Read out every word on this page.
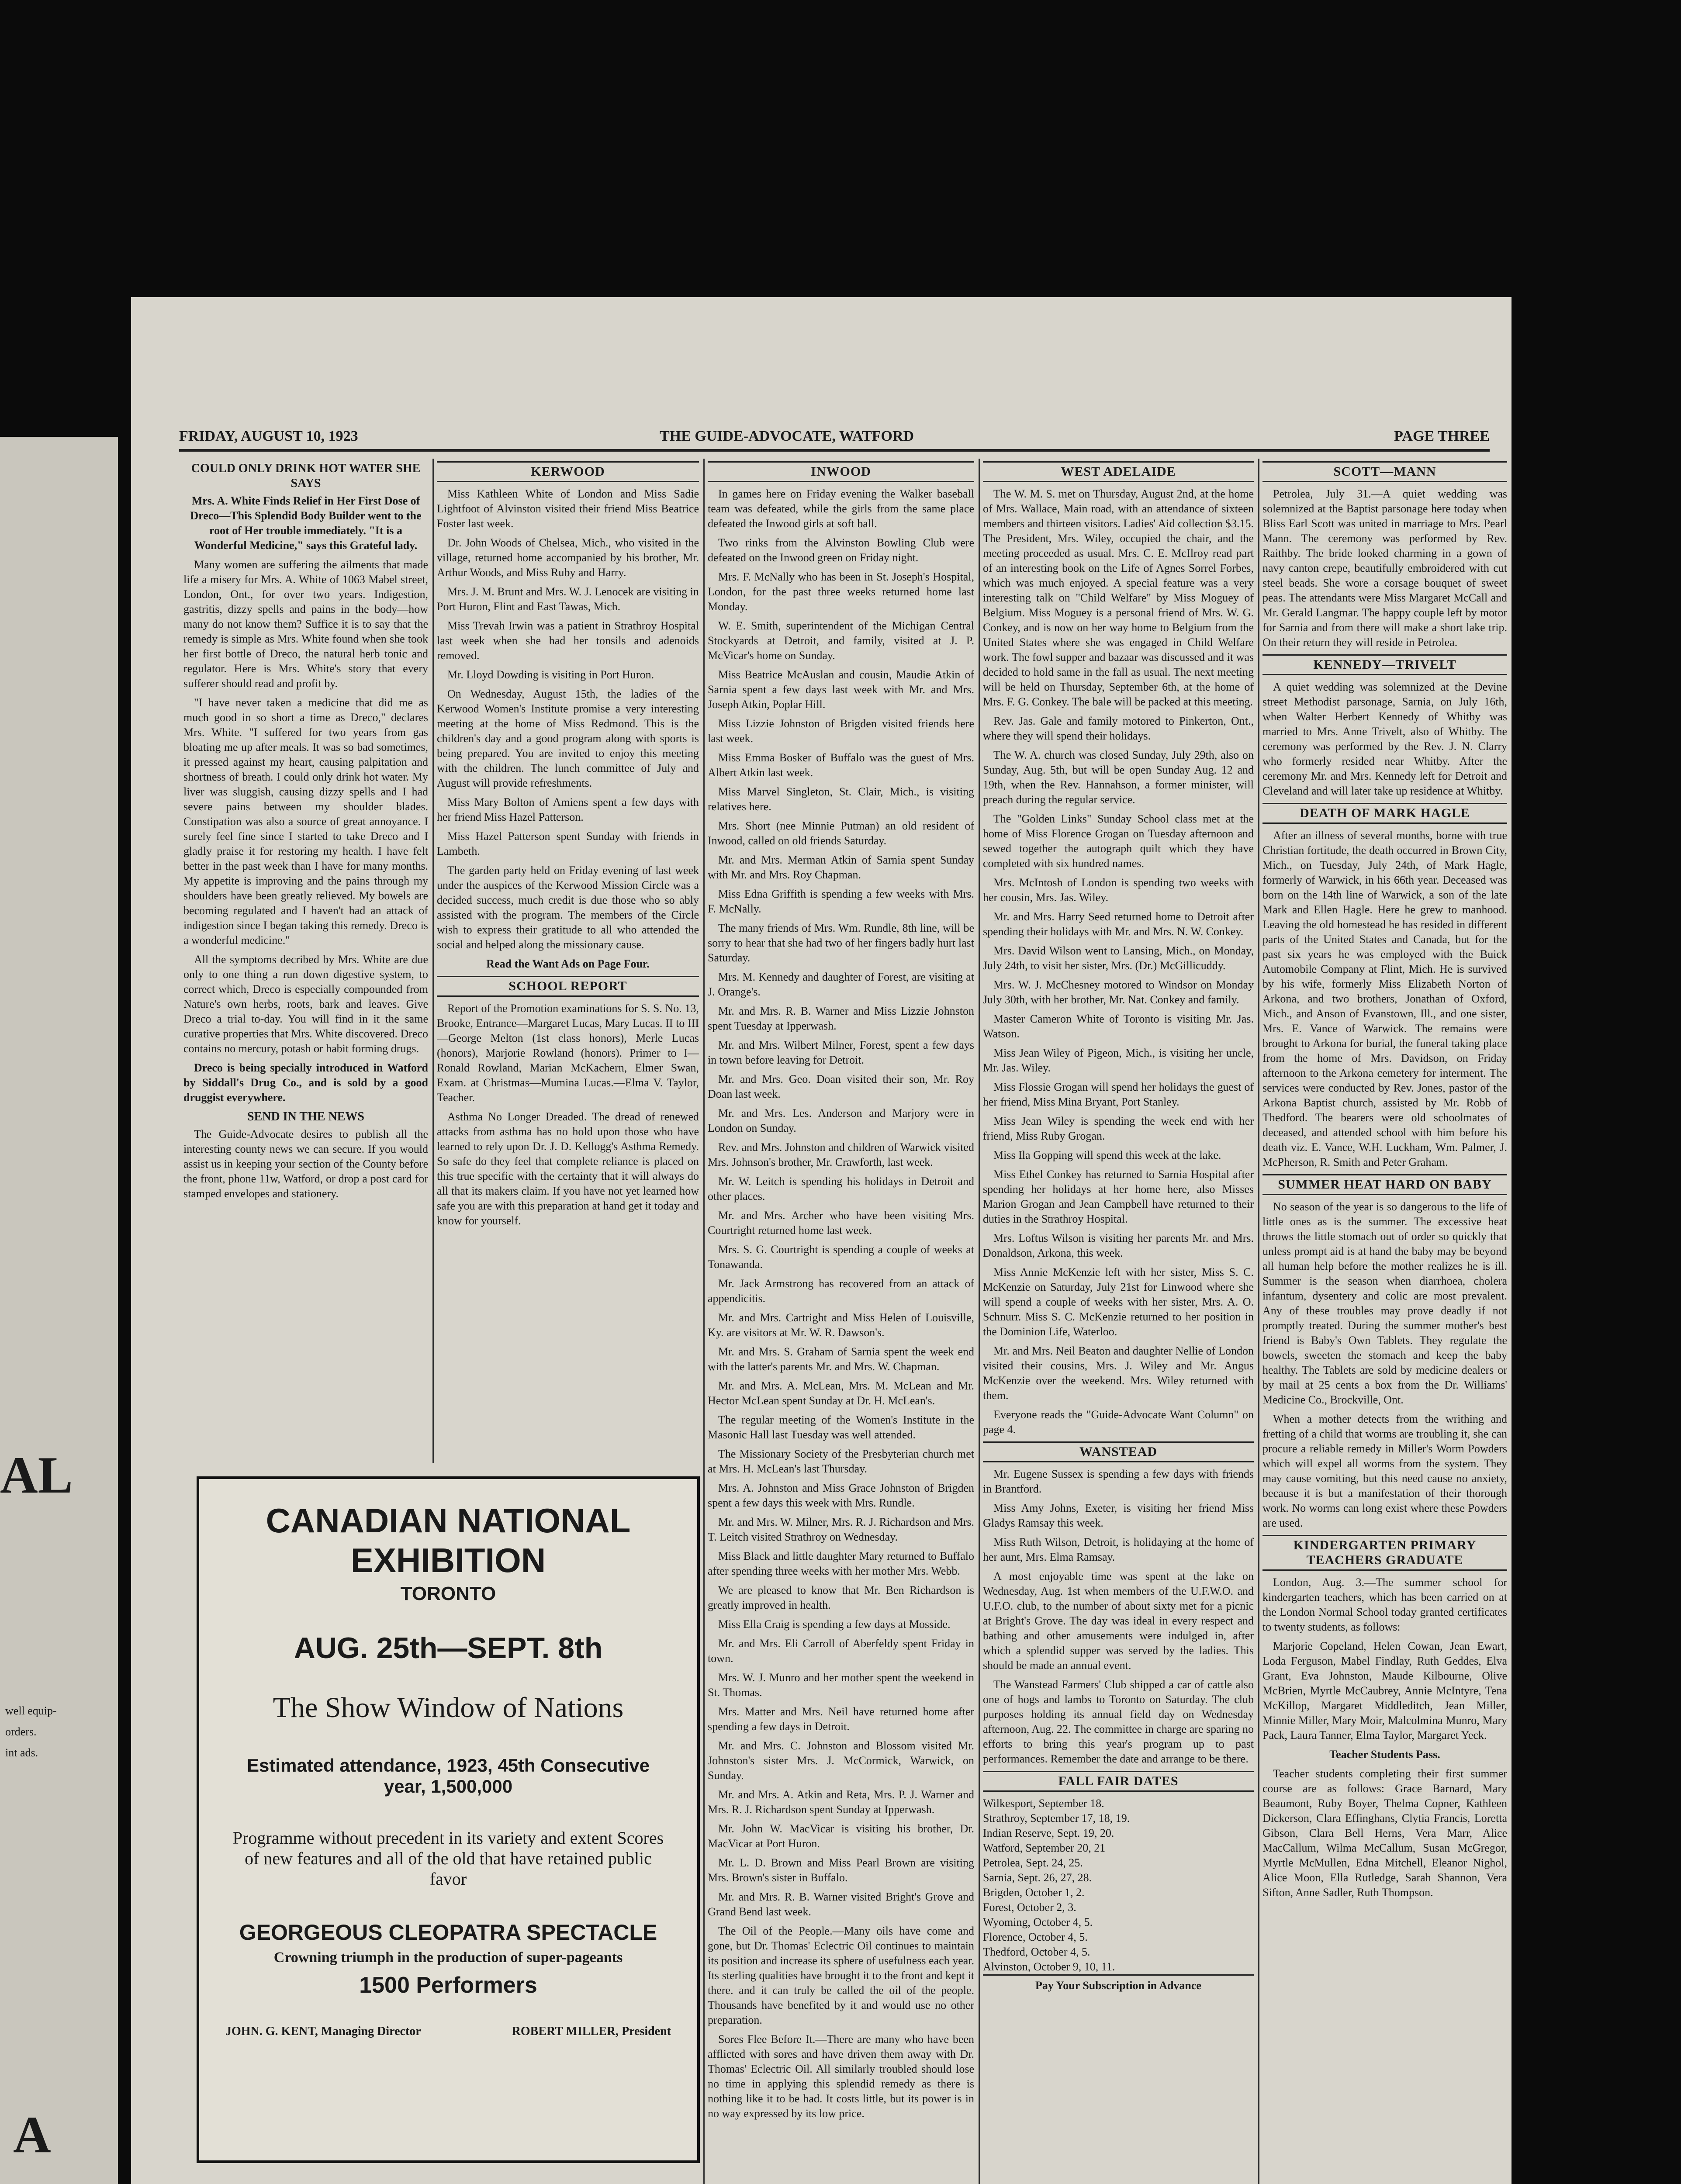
well equip-

orders.

int ads.

AL

A

FRIDAY, AUGUST 10, 1923	THE GUIDE-ADVOCATE, WATFORD	PAGE THREE
COULD ONLY DRINK HOT WATER SHE SAYS

Mrs. A. White Finds Relief in Her First Dose of Dreco—This Splendid Body Builder went to the root of Her trouble immediately. "It is a Wonderful Medicine," says this Grateful lady.

Many women are suffering the ailments that made life a misery for Mrs. A. White of 1063 Mabel street, London, Ont., for over two years. Indigestion, gastritis, dizzy spells and pains in the body—how many do not know them? Suffice it is to say that the remedy is simple as Mrs. White found when she took her first bottle of Dreco, the natural herb tonic and regulator. Here is Mrs. White's story that every sufferer should read and profit by.

"I have never taken a medicine that did me as much good in so short a time as Dreco," declares Mrs. White. "I suffered for two years from gas bloating me up after meals. It was so bad sometimes, it pressed against my heart, causing palpitation and shortness of breath. I could only drink hot water. My liver was sluggish, causing dizzy spells and I had severe pains between my shoulder blades. Constipation was also a source of great annoyance. I surely feel fine since I started to take Dreco and I gladly praise it for restoring my health. I have felt better in the past week than I have for many months. My appetite is improving and the pains through my shoulders have been greatly relieved. My bowels are becoming regulated and I haven't had an attack of indigestion since I began taking this remedy. Dreco is a wonderful medicine."

All the symptoms decribed by Mrs. White are due only to one thing a run down digestive system, to correct which, Dreco is especially compounded from Nature's own herbs, roots, bark and leaves. Give Dreco a trial to-day. You will find in it the same curative properties that Mrs. White discovered. Dreco contains no mercury, potash or habit forming drugs.

Dreco is being specially introduced in Watford by Siddall's Drug Co., and is sold by a good druggist everywhere.

SEND IN THE NEWS

The Guide-Advocate desires to publish all the interesting county news we can secure. If you would assist us in keeping your section of the County before the front, phone 11w, Watford, or drop a post card for stamped envelopes and stationery.

KERWOOD

Miss Kathleen White of London and Miss Sadie Lightfoot of Alvinston visited their friend Miss Beatrice Foster last week.

Dr. John Woods of Chelsea, Mich., who visited in the village, returned home accompanied by his brother, Mr. Arthur Woods, and Miss Ruby and Harry.

Mrs. J. M. Brunt and Mrs. W. J. Lenocek are visiting in Port Huron, Flint and East Tawas, Mich.

Miss Trevah Irwin was a patient in Strathroy Hospital last week when she had her tonsils and adenoids removed.

Mr. Lloyd Dowding is visiting in Port Huron.

On Wednesday, August 15th, the ladies of the Kerwood Women's Institute promise a very interesting meeting at the home of Miss Redmond. This is the children's day and a good program along with sports is being prepared. You are invited to enjoy this meeting with the children. The lunch committee of July and August will provide refreshments.

Miss Mary Bolton of Amiens spent a few days with her friend Miss Hazel Patterson.

Miss Hazel Patterson spent Sunday with friends in Lambeth.

The garden party held on Friday evening of last week under the auspices of the Kerwood Mission Circle was a decided success, much credit is due those who so ably assisted with the program. The members of the Circle wish to express their gratitude to all who attended the social and helped along the missionary cause.

Read the Want Ads on Page Four.

SCHOOL REPORT

Report of the Promotion examinations for S. S. No. 13, Brooke, Entrance—Margaret Lucas, Mary Lucas. II to III—George Melton (1st class honors), Merle Lucas (honors), Marjorie Rowland (honors). Primer to I—Ronald Rowland, Marian McKachern, Elmer Swan, Exam. at Christmas—Mumina Lucas.—Elma V. Taylor, Teacher.

Asthma No Longer Dreaded. The dread of renewed attacks from asthma has no hold upon those who have learned to rely upon Dr. J. D. Kellogg's Asthma Remedy. So safe do they feel that complete reliance is placed on this true specific with the certainty that it will always do all that its makers claim. If you have not yet learned how safe you are with this preparation at hand get it today and know for yourself.

CANADIAN NATIONAL EXHIBITION
TORONTO
AUG. 25th—SEPT. 8th
The Show Window of Nations
Estimated attendance, 1923, 45th Consecutive year, 1,500,000
Programme without precedent in its variety and extent Scores of new features and all of the old that have retained public favor
GEORGEOUS CLEOPATRA SPECTACLE
Crowning triumph in the production of super-pageants
1500 Performers
JOHN. G. KENT, Managing Director	ROBERT MILLER, President
INWOOD

In games here on Friday evening the Walker baseball team was defeated, while the girls from the same place defeated the Inwood girls at soft ball.

Two rinks from the Alvinston Bowling Club were defeated on the Inwood green on Friday night.

Mrs. F. McNally who has been in St. Joseph's Hospital, London, for the past three weeks returned home last Monday.

W. E. Smith, superintendent of the Michigan Central Stockyards at Detroit, and family, visited at J. P. McVicar's home on Sunday.

Miss Beatrice McAuslan and cousin, Maudie Atkin of Sarnia spent a few days last week with Mr. and Mrs. Joseph Atkin, Poplar Hill.

Miss Lizzie Johnston of Brigden visited friends here last week.

Miss Emma Bosker of Buffalo was the guest of Mrs. Albert Atkin last week.

Miss Marvel Singleton, St. Clair, Mich., is visiting relatives here.

Mrs. Short (nee Minnie Putman) an old resident of Inwood, called on old friends Saturday.

Mr. and Mrs. Merman Atkin of Sarnia spent Sunday with Mr. and Mrs. Roy Chapman.

Miss Edna Griffith is spending a few weeks with Mrs. F. McNally.

The many friends of Mrs. Wm. Rundle, 8th line, will be sorry to hear that she had two of her fingers badly hurt last Saturday.

Mrs. M. Kennedy and daughter of Forest, are visiting at J. Orange's.

Mr. and Mrs. R. B. Warner and Miss Lizzie Johnston spent Tuesday at Ipperwash.

Mr. and Mrs. Wilbert Milner, Forest, spent a few days in town before leaving for Detroit.

Mr. and Mrs. Geo. Doan visited their son, Mr. Roy Doan last week.

Mr. and Mrs. Les. Anderson and Marjory were in London on Sunday.

Rev. and Mrs. Johnston and children of Warwick visited Mrs. Johnson's brother, Mr. Crawforth, last week.

Mr. W. Leitch is spending his holidays in Detroit and other places.

Mr. and Mrs. Archer who have been visiting Mrs. Courtright returned home last week.

Mrs. S. G. Courtright is spending a couple of weeks at Tonawanda.

Mr. Jack Armstrong has recovered from an attack of appendicitis.

Mr. and Mrs. Cartright and Miss Helen of Louisville, Ky. are visitors at Mr. W. R. Dawson's.

Mr. and Mrs. S. Graham of Sarnia spent the week end with the latter's parents Mr. and Mrs. W. Chapman.

Mr. and Mrs. A. McLean, Mrs. M. McLean and Mr. Hector McLean spent Sunday at Dr. H. McLean's.

The regular meeting of the Women's Institute in the Masonic Hall last Tuesday was well attended.

The Missionary Society of the Presbyterian church met at Mrs. H. McLean's last Thursday.

Mrs. A. Johnston and Miss Grace Johnston of Brigden spent a few days this week with Mrs. Rundle.

Mr. and Mrs. W. Milner, Mrs. R. J. Richardson and Mrs. T. Leitch visited Strathroy on Wednesday.

Miss Black and little daughter Mary returned to Buffalo after spending three weeks with her mother Mrs. Webb.

We are pleased to know that Mr. Ben Richardson is greatly improved in health.

Miss Ella Craig is spending a few days at Mosside.

Mr. and Mrs. Eli Carroll of Aberfeldy spent Friday in town.

Mrs. W. J. Munro and her mother spent the weekend in St. Thomas.

Mrs. Matter and Mrs. Neil have returned home after spending a few days in Detroit.

Mr. and Mrs. C. Johnston and Blossom visited Mr. Johnston's sister Mrs. J. McCormick, Warwick, on Sunday.

Mr. and Mrs. A. Atkin and Reta, Mrs. P. J. Warner and Mrs. R. J. Richardson spent Sunday at Ipperwash.

Mr. John W. MacVicar is visiting his brother, Dr. MacVicar at Port Huron.

Mr. L. D. Brown and Miss Pearl Brown are visiting Mrs. Brown's sister in Buffalo.

Mr. and Mrs. R. B. Warner visited Bright's Grove and Grand Bend last week.

The Oil of the People.—Many oils have come and gone, but Dr. Thomas' Eclectric Oil continues to maintain its position and increase its sphere of usefulness each year. Its sterling qualities have brought it to the front and kept it there. and it can truly be called the oil of the people. Thousands have benefited by it and would use no other preparation.

Sores Flee Before It.—There are many who have been afflicted with sores and have driven them away with Dr. Thomas' Eclectric Oil. All similarly troubled should lose no time in applying this splendid remedy as there is nothing like it to be had. It costs little, but its power is in no way expressed by its low price.

WEST ADELAIDE

The W. M. S. met on Thursday, August 2nd, at the home of Mrs. Wallace, Main road, with an attendance of sixteen members and thirteen visitors. Ladies' Aid collection $3.15. The President, Mrs. Wiley, occupied the chair, and the meeting proceeded as usual. Mrs. C. E. McIlroy read part of an interesting book on the Life of Agnes Sorrel Forbes, which was much enjoyed. A special feature was a very interesting talk on "Child Welfare" by Miss Moguey of Belgium. Miss Moguey is a personal friend of Mrs. W. G. Conkey, and is now on her way home to Belgium from the United States where she was engaged in Child Welfare work. The fowl supper and bazaar was discussed and it was decided to hold same in the fall as usual. The next meeting will be held on Thursday, September 6th, at the home of Mrs. F. G. Conkey. The bale will be packed at this meeting.

Rev. Jas. Gale and family motored to Pinkerton, Ont., where they will spend their holidays.

The W. A. church was closed Sunday, July 29th, also on Sunday, Aug. 5th, but will be open Sunday Aug. 12 and 19th, when the Rev. Hannahson, a former minister, will preach during the regular service.

The "Golden Links" Sunday School class met at the home of Miss Florence Grogan on Tuesday afternoon and sewed together the autograph quilt which they have completed with six hundred names.

Mrs. McIntosh of London is spending two weeks with her cousin, Mrs. Jas. Wiley.

Mr. and Mrs. Harry Seed returned home to Detroit after spending their holidays with Mr. and Mrs. N. W. Conkey.

Mrs. David Wilson went to Lansing, Mich., on Monday, July 24th, to visit her sister, Mrs. (Dr.) McGillicuddy.

Mrs. W. J. McChesney motored to Windsor on Monday July 30th, with her brother, Mr. Nat. Conkey and family.

Master Cameron White of Toronto is visiting Mr. Jas. Watson.

Miss Jean Wiley of Pigeon, Mich., is visiting her uncle, Mr. Jas. Wiley.

Miss Flossie Grogan will spend her holidays the guest of her friend, Miss Mina Bryant, Port Stanley.

Miss Jean Wiley is spending the week end with her friend, Miss Ruby Grogan.

Miss Ila Gopping will spend this week at the lake.

Miss Ethel Conkey has returned to Sarnia Hospital after spending her holidays at her home here, also Misses Marion Grogan and Jean Campbell have returned to their duties in the Strathroy Hospital.

Mrs. Loftus Wilson is visiting her parents Mr. and Mrs. Donaldson, Arkona, this week.

Miss Annie McKenzie left with her sister, Miss S. C. McKenzie on Saturday, July 21st for Linwood where she will spend a couple of weeks with her sister, Mrs. A. O. Schnurr. Miss S. C. McKenzie returned to her position in the Dominion Life, Waterloo.

Mr. and Mrs. Neil Beaton and daughter Nellie of London visited their cousins, Mrs. J. Wiley and Mr. Angus McKenzie over the weekend. Mrs. Wiley returned with them.

Everyone reads the "Guide-Advocate Want Column" on page 4.

WANSTEAD

Mr. Eugene Sussex is spending a few days with friends in Brantford.

Miss Amy Johns, Exeter, is visiting her friend Miss Gladys Ramsay this week.

Miss Ruth Wilson, Detroit, is holidaying at the home of her aunt, Mrs. Elma Ramsay.

A most enjoyable time was spent at the lake on Wednesday, Aug. 1st when members of the U.F.W.O. and U.F.O. club, to the number of about sixty met for a picnic at Bright's Grove. The day was ideal in every respect and bathing and other amusements were indulged in, after which a splendid supper was served by the ladies. This should be made an annual event.

The Wanstead Farmers' Club shipped a car of cattle also one of hogs and lambs to Toronto on Saturday. The club purposes holding its annual field day on Wednesday afternoon, Aug. 22. The committee in charge are sparing no efforts to bring this year's program up to past performances. Remember the date and arrange to be there.

FALL FAIR DATES
Wilkesport, September 18.
Strathroy, September 17, 18, 19.
Indian Reserve, Sept. 19, 20.
Watford, September 20, 21
Petrolea, Sept. 24, 25.
Sarnia, Sept. 26, 27, 28.
Brigden, October 1, 2.
Forest, October 2, 3.
Wyoming, October 4, 5.
Florence, October 4, 5.
Thedford, October 4, 5.
Alvinston, October 9, 10, 11.

Pay Your Subscription in Advance

SCOTT—MANN

Petrolea, July 31.—A quiet wedding was solemnized at the Baptist parsonage here today when Bliss Earl Scott was united in marriage to Mrs. Pearl Mann. The ceremony was performed by Rev. Raithby. The bride looked charming in a gown of navy canton crepe, beautifully embroidered with cut steel beads. She wore a corsage bouquet of sweet peas. The attendants were Miss Margaret McCall and Mr. Gerald Langmar. The happy couple left by motor for Sarnia and from there will make a short lake trip. On their return they will reside in Petrolea.

KENNEDY—TRIVELT

A quiet wedding was solemnized at the Devine street Methodist parsonage, Sarnia, on July 16th, when Walter Herbert Kennedy of Whitby was married to Mrs. Anne Trivelt, also of Whitby. The ceremony was performed by the Rev. J. N. Clarry who formerly resided near Whitby. After the ceremony Mr. and Mrs. Kennedy left for Detroit and Cleveland and will later take up residence at Whitby.

DEATH OF MARK HAGLE

After an illness of several months, borne with true Christian fortitude, the death occurred in Brown City, Mich., on Tuesday, July 24th, of Mark Hagle, formerly of Warwick, in his 66th year. Deceased was born on the 14th line of Warwick, a son of the late Mark and Ellen Hagle. Here he grew to manhood. Leaving the old homestead he has resided in different parts of the United States and Canada, but for the past six years he was employed with the Buick Automobile Company at Flint, Mich. He is survived by his wife, formerly Miss Elizabeth Norton of Arkona, and two brothers, Jonathan of Oxford, Mich., and Anson of Evanstown, Ill., and one sister, Mrs. E. Vance of Warwick. The remains were brought to Arkona for burial, the funeral taking place from the home of Mrs. Davidson, on Friday afternoon to the Arkona cemetery for interment. The services were conducted by Rev. Jones, pastor of the Arkona Baptist church, assisted by Mr. Robb of Thedford. The bearers were old schoolmates of deceased, and attended school with him before his death viz. E. Vance, W.H. Luckham, Wm. Palmer, J. McPherson, R. Smith and Peter Graham.

SUMMER HEAT HARD ON BABY

No season of the year is so dangerous to the life of little ones as is the summer. The excessive heat throws the little stomach out of order so quickly that unless prompt aid is at hand the baby may be beyond all human help before the mother realizes he is ill. Summer is the season when diarrhoea, cholera infantum, dysentery and colic are most prevalent. Any of these troubles may prove deadly if not promptly treated. During the summer mother's best friend is Baby's Own Tablets. They regulate the bowels, sweeten the stomach and keep the baby healthy. The Tablets are sold by medicine dealers or by mail at 25 cents a box from the Dr. Williams' Medicine Co., Brockville, Ont.

When a mother detects from the writhing and fretting of a child that worms are troubling it, she can procure a reliable remedy in Miller's Worm Powders which will expel all worms from the system. They may cause vomiting, but this need cause no anxiety, because it is but a manifestation of their thorough work. No worms can long exist where these Powders are used.

KINDERGARTEN PRIMARY TEACHERS GRADUATE

London, Aug. 3.—The summer school for kindergarten teachers, which has been carried on at the London Normal School today granted certificates to twenty students, as follows:

Marjorie Copeland, Helen Cowan, Jean Ewart, Loda Ferguson, Mabel Findlay, Ruth Geddes, Elva Grant, Eva Johnston, Maude Kilbourne, Olive McBrien, Myrtle McCaubrey, Annie McIntyre, Tena McKillop, Margaret Middleditch, Jean Miller, Minnie Miller, Mary Moir, Malcolmina Munro, Mary Pack, Laura Tanner, Elma Taylor, Margaret Yeck.

Teacher Students Pass.

Teacher students completing their first summer course are as follows: Grace Barnard, Mary Beaumont, Ruby Boyer, Thelma Copner, Kathleen Dickerson, Clara Effinghans, Clytia Francis, Loretta Gibson, Clara Bell Herns, Vera Marr, Alice MacCallum, Wilma McCallum, Susan McGregor, Myrtle McMullen, Edna Mitchell, Eleanor Nighol, Alice Moon, Ella Rutledge, Sarah Shannon, Vera Sifton, Anne Sadler, Ruth Thompson.
